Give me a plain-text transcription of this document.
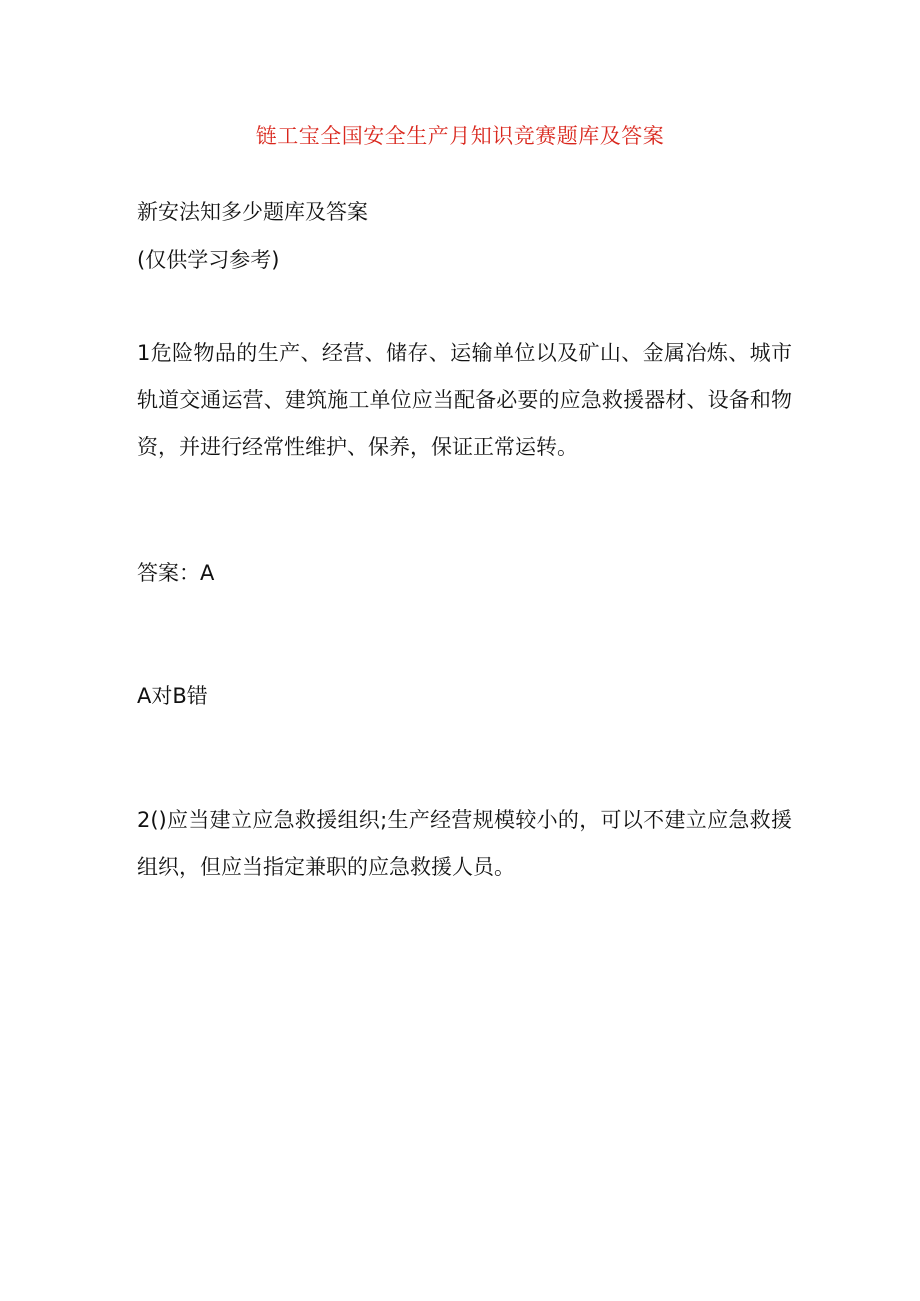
链工宝全国安全生产月知识竞赛题库及答案

新安法知多少题库及答案

(仅供学习参考)

1危险物品的生产、经营、储存、运输单位以及矿山、金属冶炼、城市轨道交通运营、建筑施工单位应当配备必要的应急救援器材、设备和物资，并进行经常性维护、保养，保证正常运转。

答案：A

A对B错

2()应当建立应急救援组织;生产经营规模较小的，可以不建立应急救援组织，但应当指定兼职的应急救援人员。
